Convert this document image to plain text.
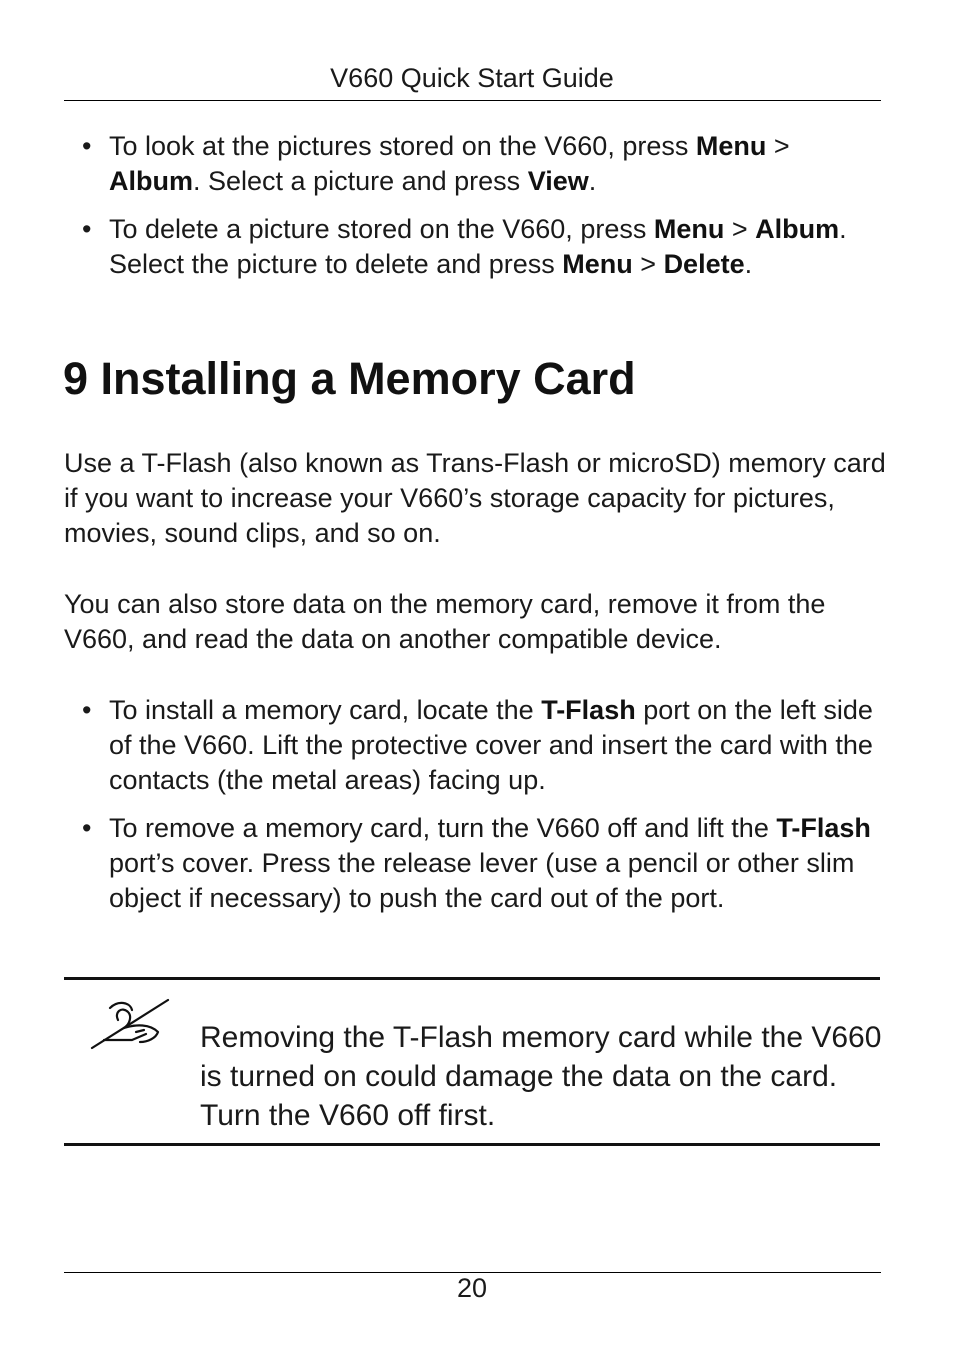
V660 Quick Start Guide
• To look at the pictures stored on the V660, press Menu > Album. Select a picture and press View.
• To delete a picture stored on the V660, press Menu > Album. Select the picture to delete and press Menu > Delete.
9 Installing a Memory Card

Use a T-Flash (also known as Trans-Flash or microSD) memory card if you want to increase your V660’s storage capacity for pictures, movies, sound clips, and so on.

You can also store data on the memory card, remove it from the V660, and read the data on another compatible device.

• To install a memory card, locate the T-Flash port on the left side of the V660. Lift the protective cover and insert the card with the contacts (the metal areas) facing up.
• To remove a memory card, turn the V660 off and lift the T-Flash port’s cover. Press the release lever (use a pencil or other slim object if necessary) to push the card out of the port.

Removing the T-Flash memory card while the V660 is turned on could damage the data on the card. Turn the V660 off first.

20
